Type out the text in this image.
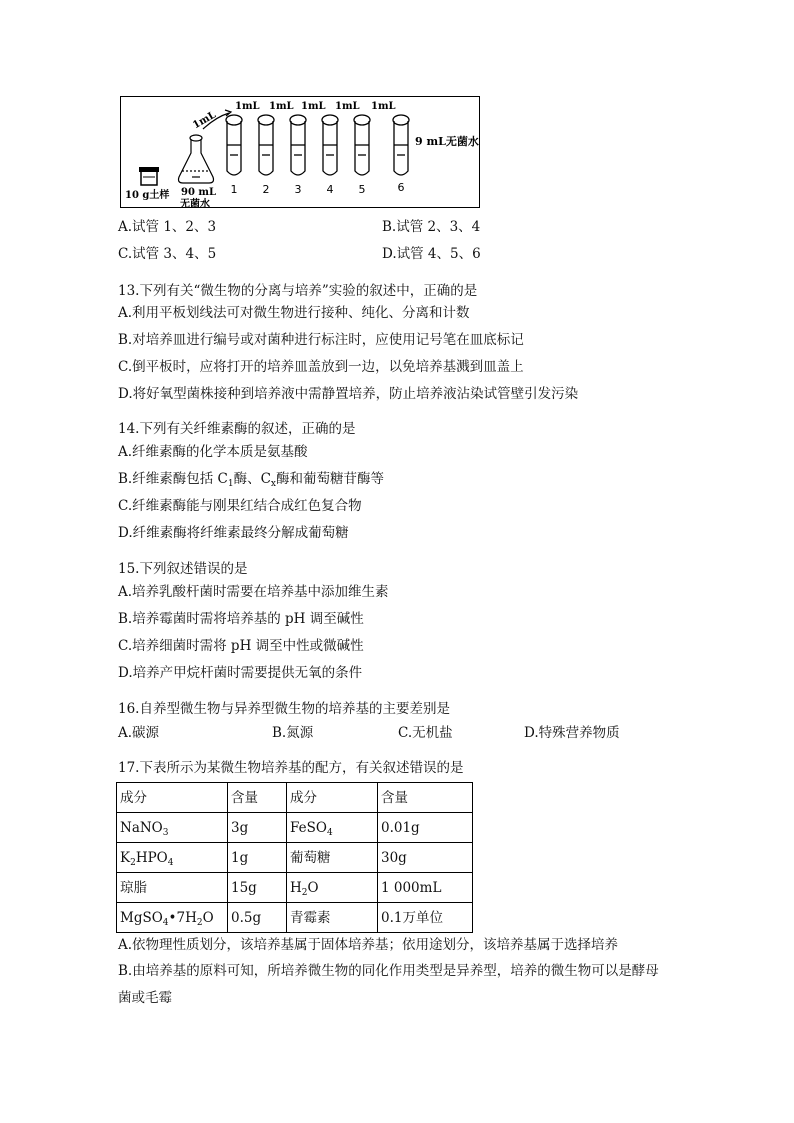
10 g土样 90 mL
无菌水
1mL
1mL 1mL 1mL 1mL 1mL
1 2 3 4 5	6
9 mL无菌水
A.试管 1、2、3	B.试管 2、3、4
C.试管 3、4、5	D.试管 4、5、6
13.下列有关“微生物的分离与培养”实验的叙述中，正确的是
A.利用平板划线法可对微生物进行接种、纯化、分离和计数
B.对培养皿进行编号或对菌种进行标注时，应使用记号笔在皿底标记
C.倒平板时，应将打开的培养皿盖放到一边，以免培养基溅到皿盖上
D.将好氧型菌株接种到培养液中需静置培养，防止培养液沾染试管壁引发污染
14.下列有关纤维素酶的叙述，正确的是
A.纤维素酶的化学本质是氨基酸
B.纤维素酶包括 $C_1$酶、$C_x$酶和葡萄糖苷酶等
C.纤维素酶能与刚果红结合成红色复合物
D.纤维素酶将纤维素最终分解成葡萄糖
15.下列叙述错误的是
A.培养乳酸杆菌时需要在培养基中添加维生素
B.培养霉菌时需将培养基的 pH 调至碱性
C.培养细菌时需将 pH 调至中性或微碱性
D.培养产甲烷杆菌时需要提供无氧的条件
16.自养型微生物与异养型微生物的培养基的主要差别是
A.碳源	B.氮源	C.无机盐	D.特殊营养物质
17.下表所示为某微生物培养基的配方，有关叙述错误的是
成分	含量	成分	含量
NaNO$_3$	3g	FeSO$_4$	0.01g
$K_2HPO_4$	1g	葡萄糖	30g
琼脂	15g	$H_2O$	1 000mL
$MgSO_4•7H_2O$	0.5g	青霉素	0.1万单位
A.依物理性质划分，该培养基属于固体培养基；依用途划分，该培养基属于选择培养
B.由培养基的原料可知，所培养微生物的同化作用类型是异养型，培养的微生物可以是酵母
菌或毛霉
